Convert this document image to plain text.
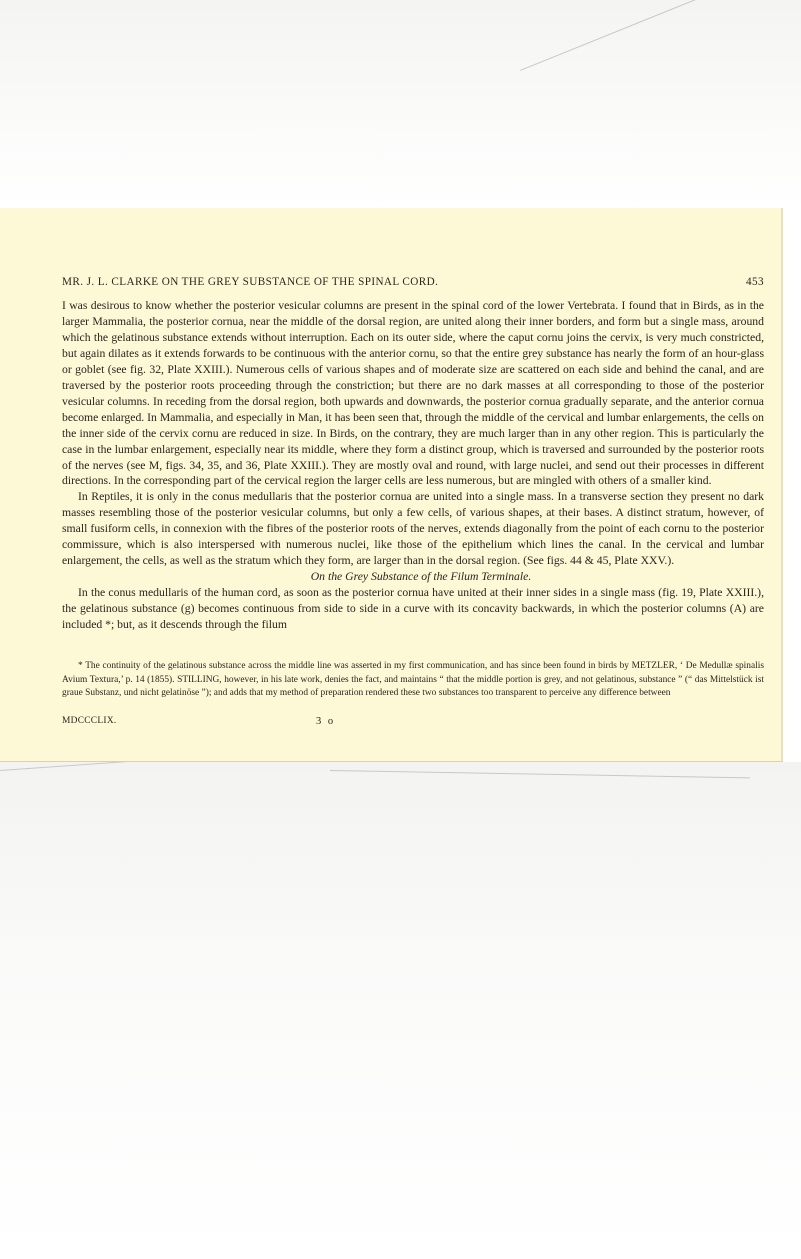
MR. J. L. CLARKE ON THE GREY SUBSTANCE OF THE SPINAL CORD.	453

I was desirous to know whether the posterior vesicular columns are present in the spinal cord of the lower Vertebrata. I found that in Birds, as in the larger Mammalia, the posterior cornua, near the middle of the dorsal region, are united along their inner borders, and form but a single mass, around which the gelatinous substance extends without interruption. Each on its outer side, where the caput cornu joins the cervix, is very much constricted, but again dilates as it extends forwards to be continuous with the anterior cornu, so that the entire grey substance has nearly the form of an hour-glass or goblet (see fig. 32, Plate XXIII.). Numerous cells of various shapes and of moderate size are scattered on each side and behind the canal, and are traversed by the posterior roots proceeding through the constriction; but there are no dark masses at all corresponding to those of the posterior vesicular columns. In receding from the dorsal region, both upwards and downwards, the posterior cornua gradually separate, and the anterior cornua become enlarged. In Mammalia, and especially in Man, it has been seen that, through the middle of the cervical and lumbar enlargements, the cells on the inner side of the cervix cornu are reduced in size. In Birds, on the contrary, they are much larger than in any other region. This is particularly the case in the lumbar enlargement, especially near its middle, where they form a distinct group, which is traversed and surrounded by the posterior roots of the nerves (see M, figs. 34, 35, and 36, Plate XXIII.). They are mostly oval and round, with large nuclei, and send out their processes in different directions. In the corresponding part of the cervical region the larger cells are less numerous, but are mingled with others of a smaller kind.

In Reptiles, it is only in the conus medullaris that the posterior cornua are united into a single mass. In a transverse section they present no dark masses resembling those of the posterior vesicular columns, but only a few cells, of various shapes, at their bases. A distinct stratum, however, of small fusiform cells, in connexion with the fibres of the posterior roots of the nerves, extends diagonally from the point of each cornu to the posterior commissure, which is also interspersed with numerous nuclei, like those of the epithelium which lines the canal. In the cervical and lumbar enlargement, the cells, as well as the stratum which they form, are larger than in the dorsal region. (See figs. 44 & 45, Plate XXV.).

On the Grey Substance of the Filum Terminale.

In the conus medullaris of the human cord, as soon as the posterior cornua have united at their inner sides in a single mass (fig. 19, Plate XXIII.), the gelatinous substance (g) becomes continuous from side to side in a curve with its concavity backwards, in which the posterior columns (A) are included *; but, as it descends through the filum

* The continuity of the gelatinous substance across the middle line was asserted in my first communication, and has since been found in birds by METZLER, ‘ De Medullæ spinalis Avium Textura,’ p. 14 (1855). STILLING, however, in his late work, denies the fact, and maintains “ that the middle portion is grey, and not gelatinous, substance ” (“ das Mittelstück ist graue Substanz, und nicht gelatinöse ”); and adds that my method of preparation rendered these two substances too transparent to perceive any difference between

MDCCCLIX.	3 o
